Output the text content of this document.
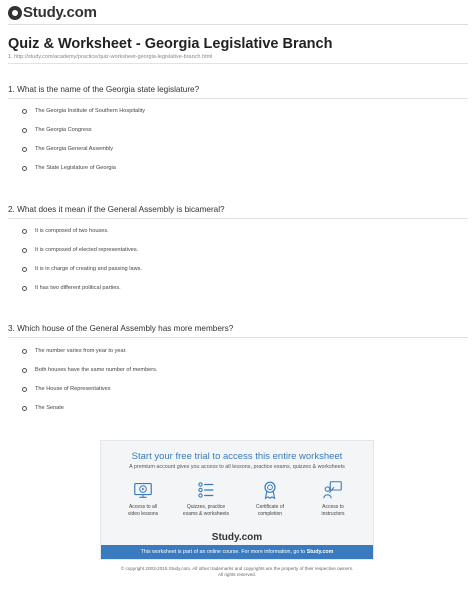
Study.com
Quiz & Worksheet - Georgia Legislative Branch
1. http://study.com/academy/practice/quiz-worksheet-georgia-legislative-branch.html
1. What is the name of the Georgia state legislature?
The Georgia Institute of Southern Hospitality
The Georgia Congress
The Georgia General Assembly
The State Legislature of Georgia
2. What does it mean if the General Assembly is bicameral?
It is composed of two houses.
It is composed of elected representatives.
It is in charge of creating and passing laws.
It has two different political parties.
3. Which house of the General Assembly has more members?
The number varies from year to year.
Both houses have the same number of members.
The House of Representatives
The Senate
Start your free trial to access this entire worksheet
A premium account gives you access to all lessons, practice exams, quizzes & worksheets
Access to all
video lessons
Quizzes, practice
exams & worksheets
Certificate of
completion
Access to
instructors
Study.com
This worksheet is part of an online course. For more information, go to Study.com
© copyright 2003-2015 Study.com. All other trademarks and copyrights are the property of their respective owners.
All rights reserved.
